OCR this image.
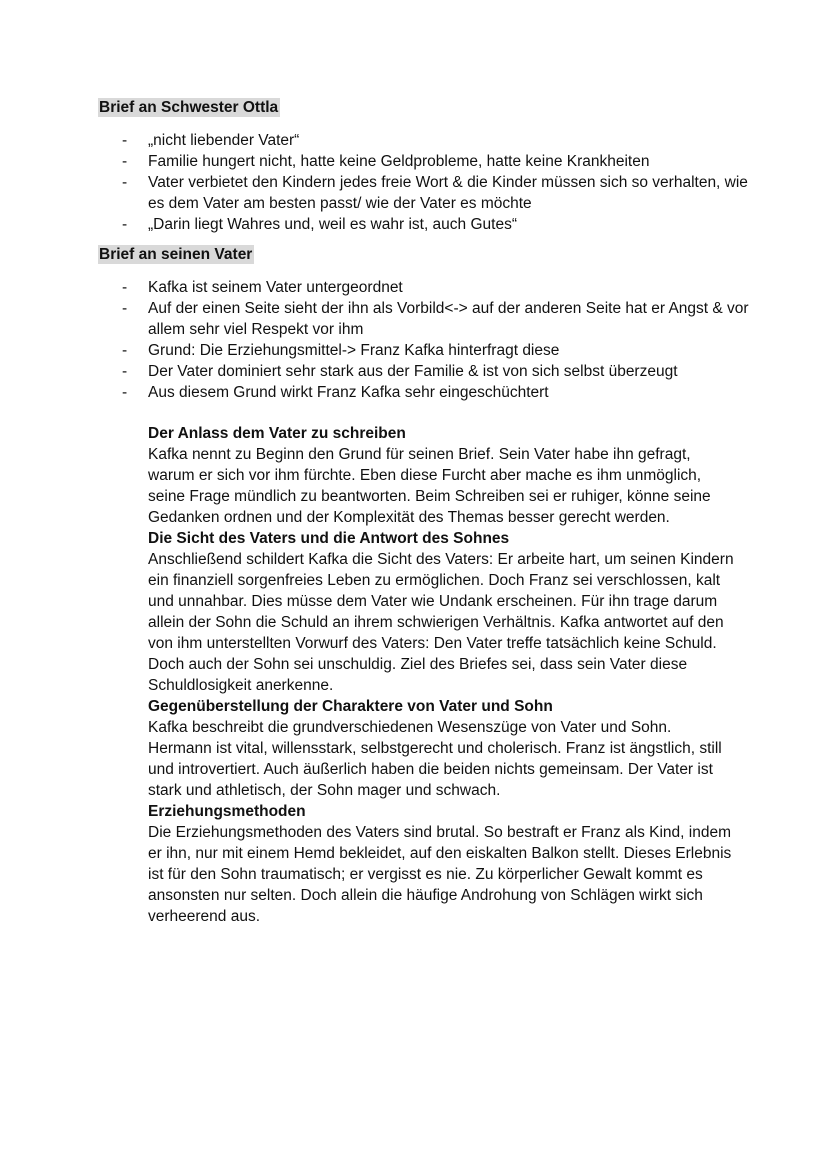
Brief an Schwester Ottla
- „nicht liebender Vater“
- Familie hungert nicht, hatte keine Geldprobleme, hatte keine Krankheiten
- Vater verbietet den Kindern jedes freie Wort & die Kinder müssen sich so verhalten, wie es dem Vater am besten passt/ wie der Vater es möchte
- „Darin liegt Wahres und, weil es wahr ist, auch Gutes“
Brief an seinen Vater
- Kafka ist seinem Vater untergeordnet
- Auf der einen Seite sieht der ihn als Vorbild<-> auf der anderen Seite hat er Angst & vor allem sehr viel Respekt vor ihm
- Grund: Die Erziehungsmittel-> Franz Kafka hinterfragt diese
- Der Vater dominiert sehr stark aus der Familie & ist von sich selbst überzeugt
- Aus diesem Grund wirkt Franz Kafka sehr eingeschüchtert
Der Anlass dem Vater zu schreiben

Kafka nennt zu Beginn den Grund für seinen Brief. Sein Vater habe ihn gefragt, warum er sich vor ihm fürchte. Eben diese Furcht aber mache es ihm unmöglich, seine Frage mündlich zu beantworten. Beim Schreiben sei er ruhiger, könne seine Gedanken ordnen und der Komplexität des Themas besser gerecht werden.

Die Sicht des Vaters und die Antwort des Sohnes

Anschließend schildert Kafka die Sicht des Vaters: Er arbeite hart, um seinen Kindern ein finanziell sorgenfreies Leben zu ermöglichen. Doch Franz sei verschlossen, kalt und unnahbar. Dies müsse dem Vater wie Undank erscheinen. Für ihn trage darum allein der Sohn die Schuld an ihrem schwierigen Verhältnis. Kafka antwortet auf den von ihm unterstellten Vorwurf des Vaters: Den Vater treffe tatsächlich keine Schuld. Doch auch der Sohn sei unschuldig. Ziel des Briefes sei, dass sein Vater diese Schuldlosigkeit anerkenne.

Gegenüberstellung der Charaktere von Vater und Sohn

Kafka beschreibt die grundverschiedenen Wesenszüge von Vater und Sohn. Hermann ist vital, willensstark, selbstgerecht und cholerisch. Franz ist ängstlich, still und introvertiert. Auch äußerlich haben die beiden nichts gemeinsam. Der Vater ist stark und athletisch, der Sohn mager und schwach.

Erziehungsmethoden

Die Erziehungsmethoden des Vaters sind brutal. So bestraft er Franz als Kind, indem er ihn, nur mit einem Hemd bekleidet, auf den eiskalten Balkon stellt. Dieses Erlebnis ist für den Sohn traumatisch; er vergisst es nie. Zu körperlicher Gewalt kommt es ansonsten nur selten. Doch allein die häufige Androhung von Schlägen wirkt sich verheerend aus.
